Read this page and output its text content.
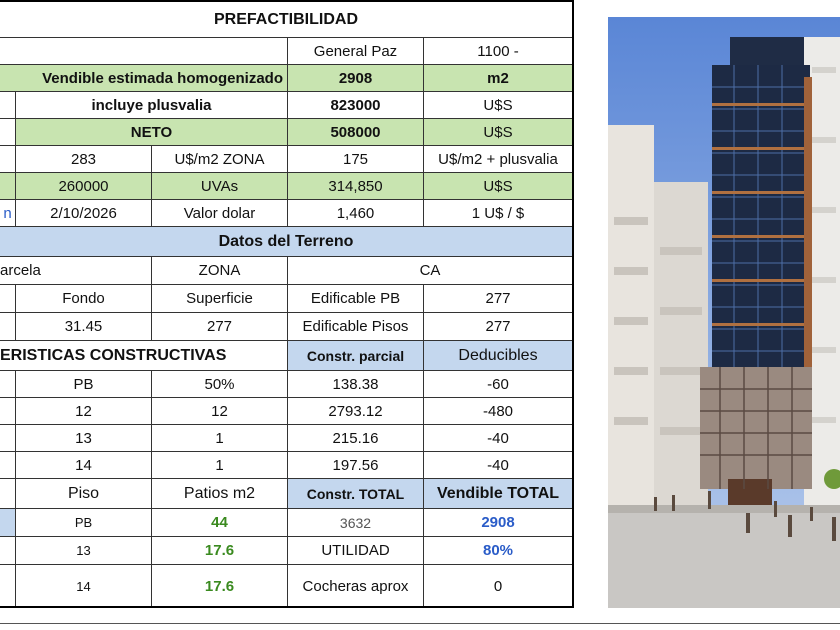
PREFACTIBILIDAD
General Paz	1100 -
Vendible estimada homogenizado	2908	m2
incluye plusvalia	823000	U$S
NETO	508000	U$S
283	U$/m2 ZONA	175	U$/m2 + plusvalia
260000	UVAs	314,850	U$S
n	2/10/2026	Valor dolar	1,460	1 U$ / $
Datos del Terreno
arcela	ZONA	CA
Fondo	Superficie	Edificable PB	277
31.45	277	Edificable Pisos	277
ERISTICAS CONSTRUCTIVAS	Constr. parcial	Deducibles
PB	50%	138.38	-60
12	12	2793.12	-480
13	1	215.16	-40
14	1	197.56	-40
Piso	Patios m2	Constr. TOTAL	Vendible TOTAL
PB	44	3632	2908
13	17.6	UTILIDAD	80%
14	17.6	Cocheras aprox	0
